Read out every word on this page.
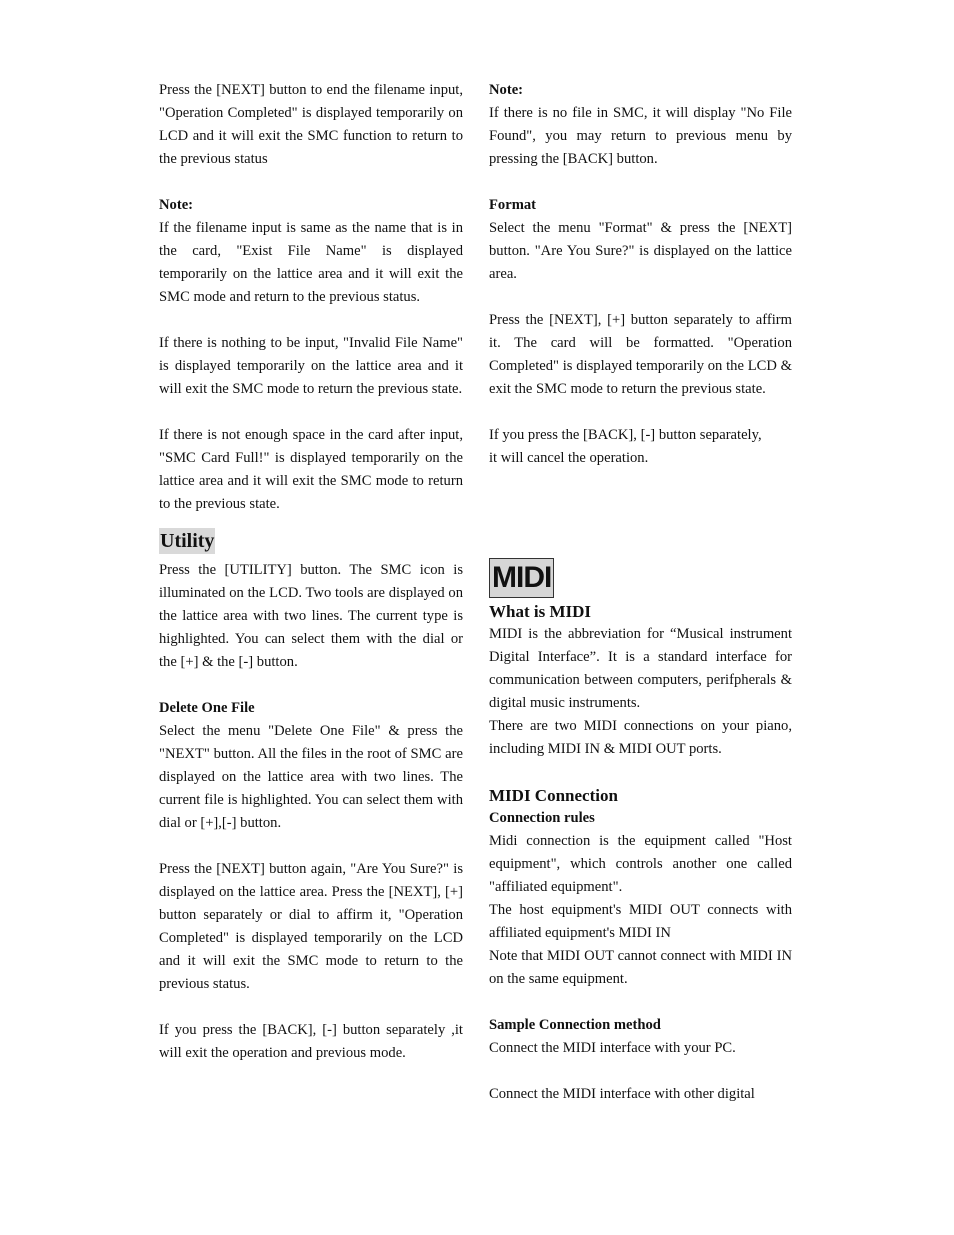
Press the [NEXT] button to end the filename input, "Operation Completed" is displayed temporarily on LCD and it will exit the SMC function to return to the previous status

Note:

If the filename input is same as the name that is in the card, "Exist File Name" is displayed temporarily on the lattice area and it will exit the SMC mode and return to the previous status.

If there is nothing to be input, "Invalid File Name" is displayed temporarily on the lattice area and it will exit the SMC mode to return the previous state.

If there is not enough space in the card after input, "SMC Card Full!" is displayed temporarily on the lattice area and it will exit the SMC mode to return to the previous state.

Utility

Press the [UTILITY] button. The SMC icon is illuminated on the LCD. Two tools are displayed on the lattice area with two lines. The current type is highlighted. You can select them with the dial or the [+] & the [-] button.

Delete One File

Select the menu "Delete One File" & press the "NEXT" button. All the files in the root of SMC are displayed on the lattice area with two lines. The current file is highlighted. You can select them with dial or [+],[-] button.

Press the [NEXT] button again, "Are You Sure?" is displayed on the lattice area. Press the [NEXT], [+] button separately or dial to affirm it, "Operation Completed" is displayed temporarily on the LCD and it will exit the SMC mode to return to the previous status.

If you press the [BACK], [-] button separately ,it will exit the operation and previous mode.

Note:

If there is no file in SMC, it will display "No File Found", you may return to previous menu by pressing the [BACK] button.

Format

Select the menu "Format" & press the [NEXT] button. "Are You Sure?" is displayed on the lattice area.

Press the [NEXT], [+] button separately to affirm it. The card will be formatted. "Operation Completed" is displayed temporarily on the LCD & exit the SMC mode to return the previous state.

If you press the [BACK], [-] button separately,

it will cancel the operation.

MIDI
What is MIDI

MIDI is the abbreviation for “Musical instrument Digital Interface”. It is a standard interface for communication between computers, perifpherals & digital music instruments.

There are two MIDI connections on your piano, including MIDI IN & MIDI OUT ports.

MIDI Connection
Connection rules

Midi connection is the equipment called "Host equipment", which controls another one called "affiliated equipment".

The host equipment's MIDI OUT connects with affiliated equipment's MIDI IN

Note that MIDI OUT cannot connect with MIDI IN on the same equipment.

Sample Connection method

Connect the MIDI interface with your PC.

Connect the MIDI interface with other digital
